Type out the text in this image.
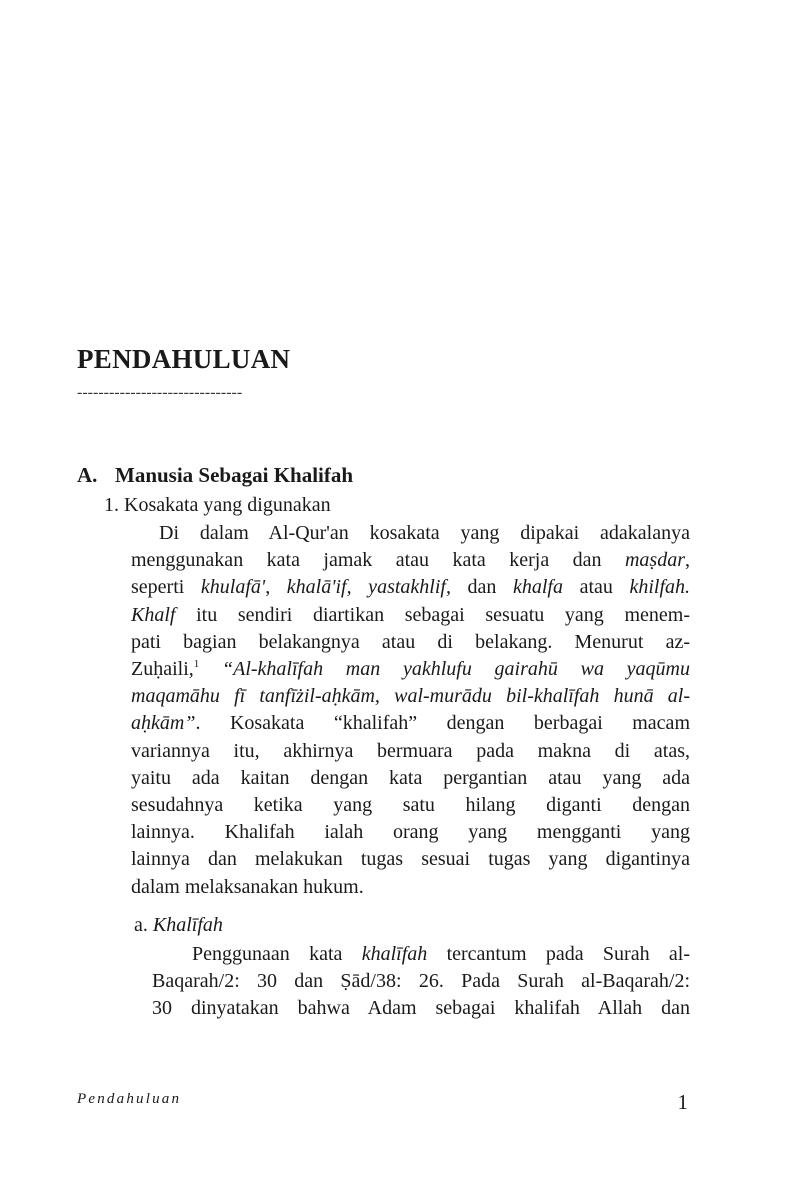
PENDAHULUAN
-------------------------------
A. Manusia Sebagai Khalifah
1. Kosakata yang digunakan

Di dalam Al-Qur'an kosakata yang dipakai adakalanya
menggunakan kata jamak atau kata kerja dan maṣdar,
seperti khulafā', khalā'if, yastakhlif, dan khalfa atau khilfah.
Khalf itu sendiri diartikan sebagai sesuatu yang menem-
pati bagian belakangnya atau di belakang. Menurut az-
Zuḥaili,$^1$ “Al-khalīfah man yakhlufu gairahū wa yaqūmu
maqamāhu fī tanfīżil-aḥkām, wal-murādu bil-khalīfah hunā al-
aḥkām”. Kosakata “khalifah” dengan berbagai macam
variannya itu, akhirnya bermuara pada makna di atas,
yaitu ada kaitan dengan kata pergantian atau yang ada
sesudahnya ketika yang satu hilang diganti dengan
lainnya. Khalifah ialah orang yang mengganti yang
lainnya dan melakukan tugas sesuai tugas yang digantinya
dalam melaksanakan hukum.

a. Khalīfah

Penggunaan kata khalīfah tercantum pada Surah al-
Baqarah/2: 30 dan Ṣād/38: 26. Pada Surah al-Baqarah/2:
30 dinyatakan bahwa Adam sebagai khalifah Allah dan

Pendahuluan	1
